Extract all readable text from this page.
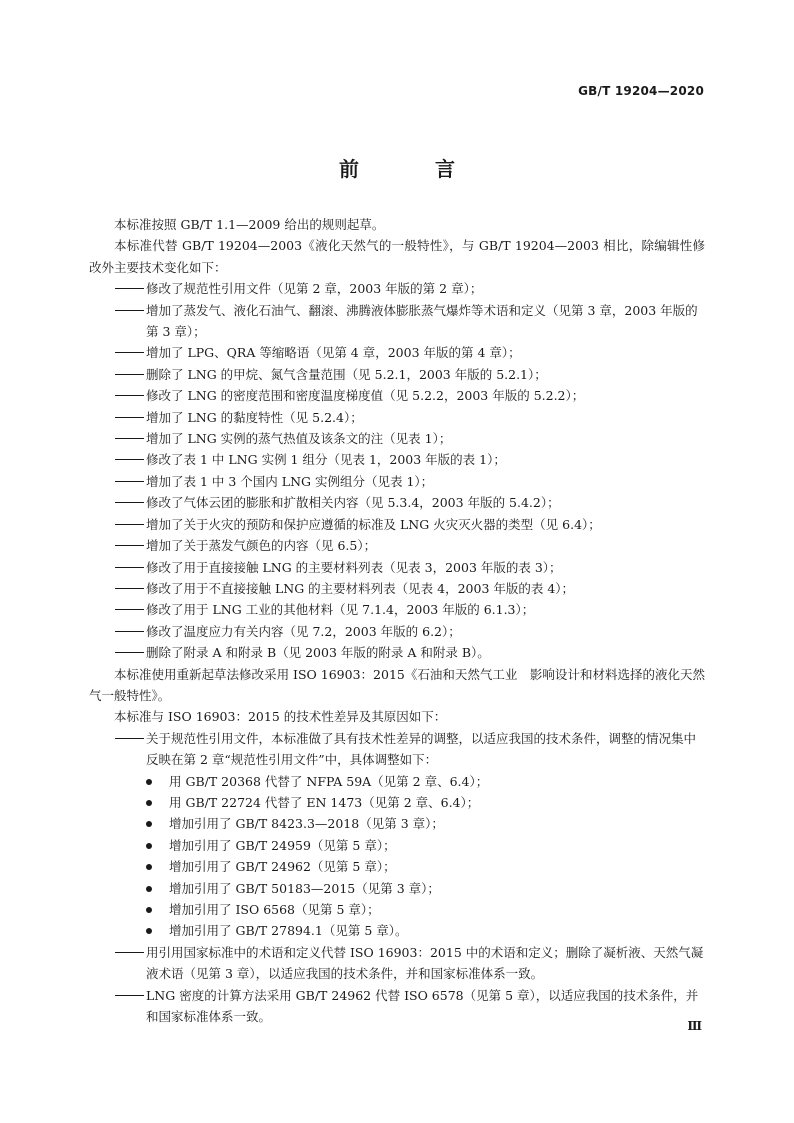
GB/T 19204—2020
前　言

本标准按照 GB/T 1.1—2009 给出的规则起草。

本标准代替 GB/T 19204—2003《液化天然气的一般特性》，与 GB/T 19204—2003 相比，除编辑性修改外主要技术变化如下：

修改了规范性引用文件（见第 2 章，2003 年版的第 2 章）；
增加了蒸发气、液化石油气、翻滚、沸腾液体膨胀蒸气爆炸等术语和定义（见第 3 章，2003 年版的第 3 章）；
增加了 LPG、QRA 等缩略语（见第 4 章，2003 年版的第 4 章）；
删除了 LNG 的甲烷、氮气含量范围（见 5.2.1，2003 年版的 5.2.1）；
修改了 LNG 的密度范围和密度温度梯度值（见 5.2.2，2003 年版的 5.2.2）；
增加了 LNG 的黏度特性（见 5.2.4）；
增加了 LNG 实例的蒸气热值及该条文的注（见表 1）；
修改了表 1 中 LNG 实例 1 组分（见表 1，2003 年版的表 1）；
增加了表 1 中 3 个国内 LNG 实例组分（见表 1）；
修改了气体云团的膨胀和扩散相关内容（见 5.3.4，2003 年版的 5.4.2）；
增加了关于火灾的预防和保护应遵循的标准及 LNG 火灾灭火器的类型（见 6.4）；
增加了关于蒸发气颜色的内容（见 6.5）；
修改了用于直接接触 LNG 的主要材料列表（见表 3，2003 年版的表 3）；
修改了用于不直接接触 LNG 的主要材料列表（见表 4，2003 年版的表 4）；
修改了用于 LNG 工业的其他材料（见 7.1.4，2003 年版的 6.1.3）；
修改了温度应力有关内容（见 7.2，2003 年版的 6.2）；
删除了附录 A 和附录 B（见 2003 年版的附录 A 和附录 B）。

本标准使用重新起草法修改采用 ISO 16903：2015《石油和天然气工业　影响设计和材料选择的液化天然气一般特性》。

本标准与 ISO 16903：2015 的技术性差异及其原因如下：

关于规范性引用文件，本标准做了具有技术性差异的调整，以适应我国的技术条件，调整的情况集中反映在第 2 章“规范性引用文件”中，具体调整如下：
用 GB/T 20368 代替了 NFPA 59A（见第 2 章、6.4）；
用 GB/T 22724 代替了 EN 1473（见第 2 章、6.4）；
增加引用了 GB/T 8423.3—2018（见第 3 章）；
增加引用了 GB/T 24959（见第 5 章）；
增加引用了 GB/T 24962（见第 5 章）；
增加引用了 GB/T 50183—2015（见第 3 章）；
增加引用了 ISO 6568（见第 5 章）；
增加引用了 GB/T 27894.1（见第 5 章）。
用引用国家标准中的术语和定义代替 ISO 16903：2015 中的术语和定义；删除了凝析液、天然气凝液术语（见第 3 章），以适应我国的技术条件，并和国家标准体系一致。
LNG 密度的计算方法采用 GB/T 24962 代替 ISO 6578（见第 5 章），以适应我国的技术条件，并和国家标准体系一致。
Ⅲ
